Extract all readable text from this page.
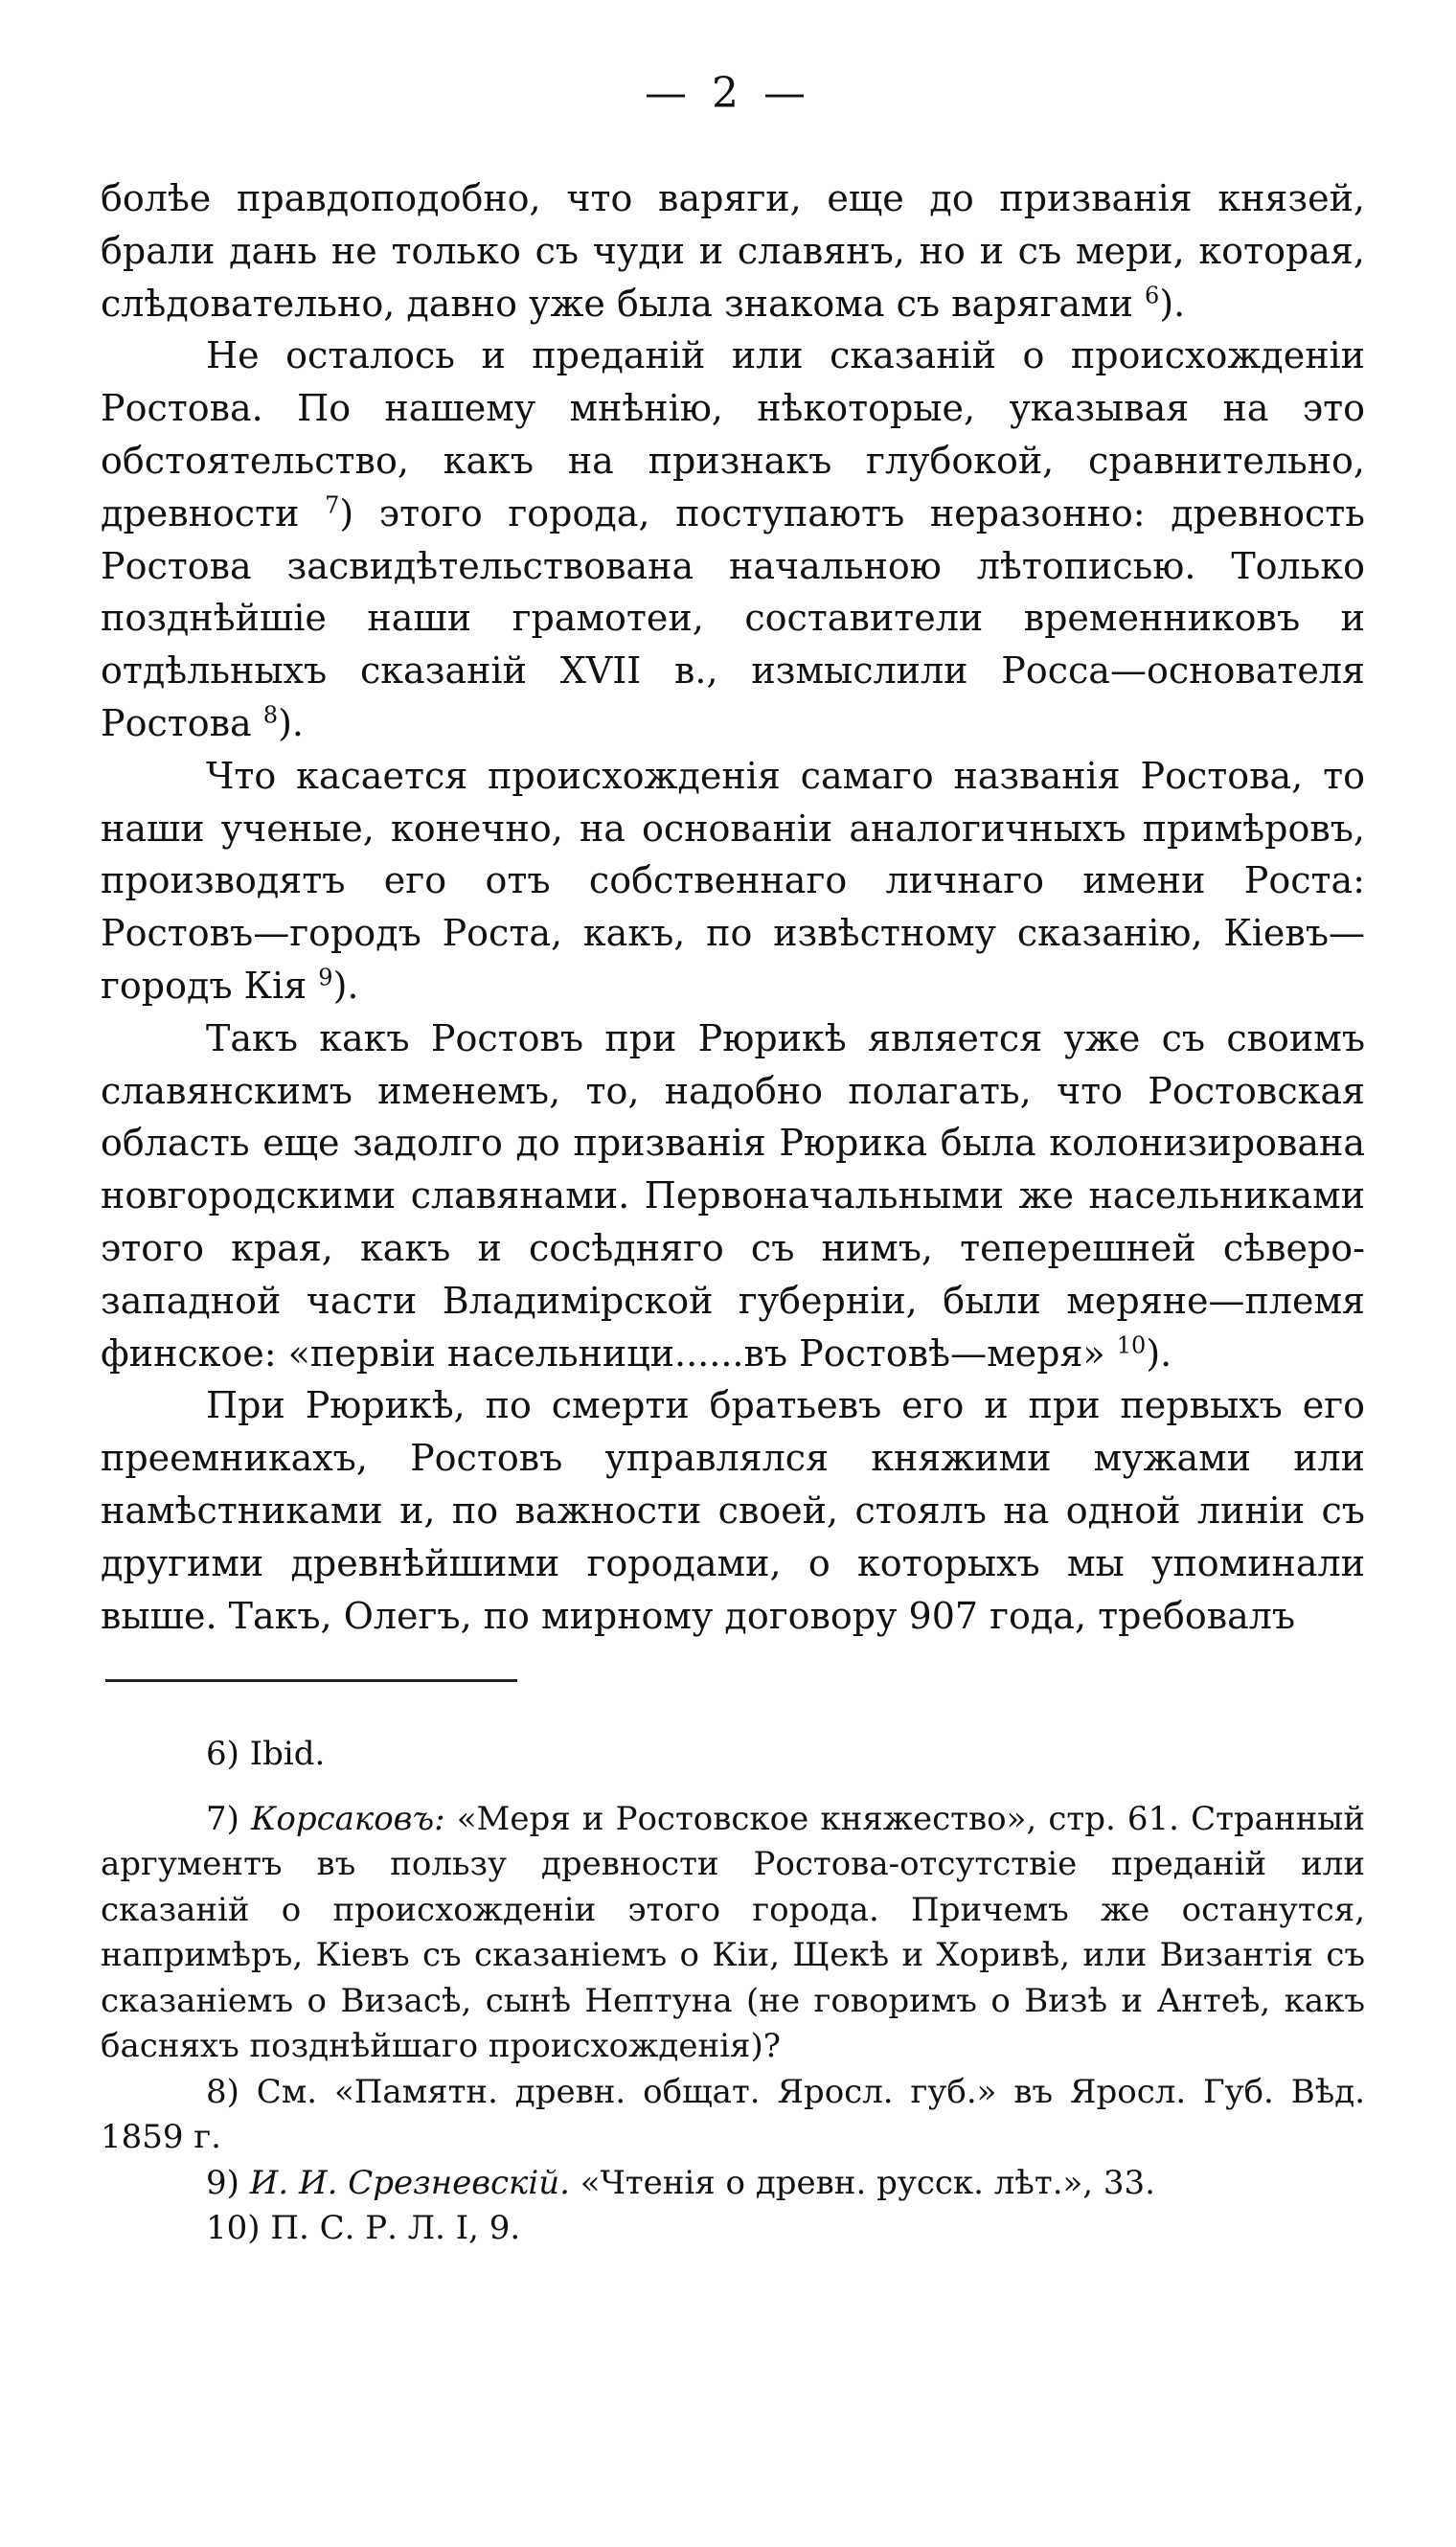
— 2 —

болѣе правдоподобно, что варяги, еще до призванія князей, брали дань не только съ чуди и славянъ, но и съ мери, которая, слѣдовательно, давно уже была знакома съ варягами $^6$).

Не осталось и преданій или сказаній о происхожденіи Ростова. По нашему мнѣнію, нѣкоторые, указывая на это обстоятельство, какъ на признакъ глубокой, сравнительно, древности $^7$) этого города, поступаютъ неразонно: древность Ростова засвидѣтельствована начальною лѣтописью. Только позднѣйшіе наши грамотеи, составители временниковъ и отдѣльныхъ сказаній XVII в., измыслили Росса—основателя Ростова $^8$).

Что касается происхожденія самаго названія Ростова, то наши ученые, конечно, на основаніи аналогичныхъ примѣровъ, производятъ его отъ собственнаго личнаго имени Роста: Ростовъ—городъ Роста, какъ, по извѣстному сказанію, Кіевъ—городъ Кія $^9$).

Такъ какъ Ростовъ при Рюрикѣ является уже съ своимъ славянскимъ именемъ, то, надобно полагать, что Ростовская область еще задолго до призванія Рюрика была колонизирована новгородскими славянами. Первоначальными же насельниками этого края, какъ и сосѣдняго съ нимъ, теперешней сѣверо-западной части Владимірской губерніи, были меряне—племя финское: «первіи насельници......въ Ростовѣ—меря» $^{10}$).

При Рюрикѣ, по смерти братьевъ его и при первыхъ его преемникахъ, Ростовъ управлялся княжими мужами или намѣстниками и, по важности своей, стоялъ на одной линіи съ другими древнѣйшими городами, о которыхъ мы упоминали выше. Такъ, Олегъ, по мирному договору 907 года, требовалъ

6) Ibid.

7) Корсаковъ: «Меря и Ростовское княжество», стр. 61. Странный аргументъ въ пользу древности Ростова-отсутствіе преданій или сказаній о происхожденіи этого города. Причемъ же останутся, напримѣръ, Кіевъ съ сказаніемъ о Кіи, Щекѣ и Хоривѣ, или Византія съ сказаніемъ о Визасѣ, сынѣ Нептуна (не говоримъ о Визѣ и Антеѣ, какъ басняхъ позднѣйшаго происхожденія)?

8) См. «Памятн. древн. общат. Яросл. губ.» въ Яросл. Губ. Вѣд. 1859 г.

9) И. И. Срезневскій. «Чтенія о древн. русск. лѣт.», 33.

10) П. С. Р. Л. I, 9.
